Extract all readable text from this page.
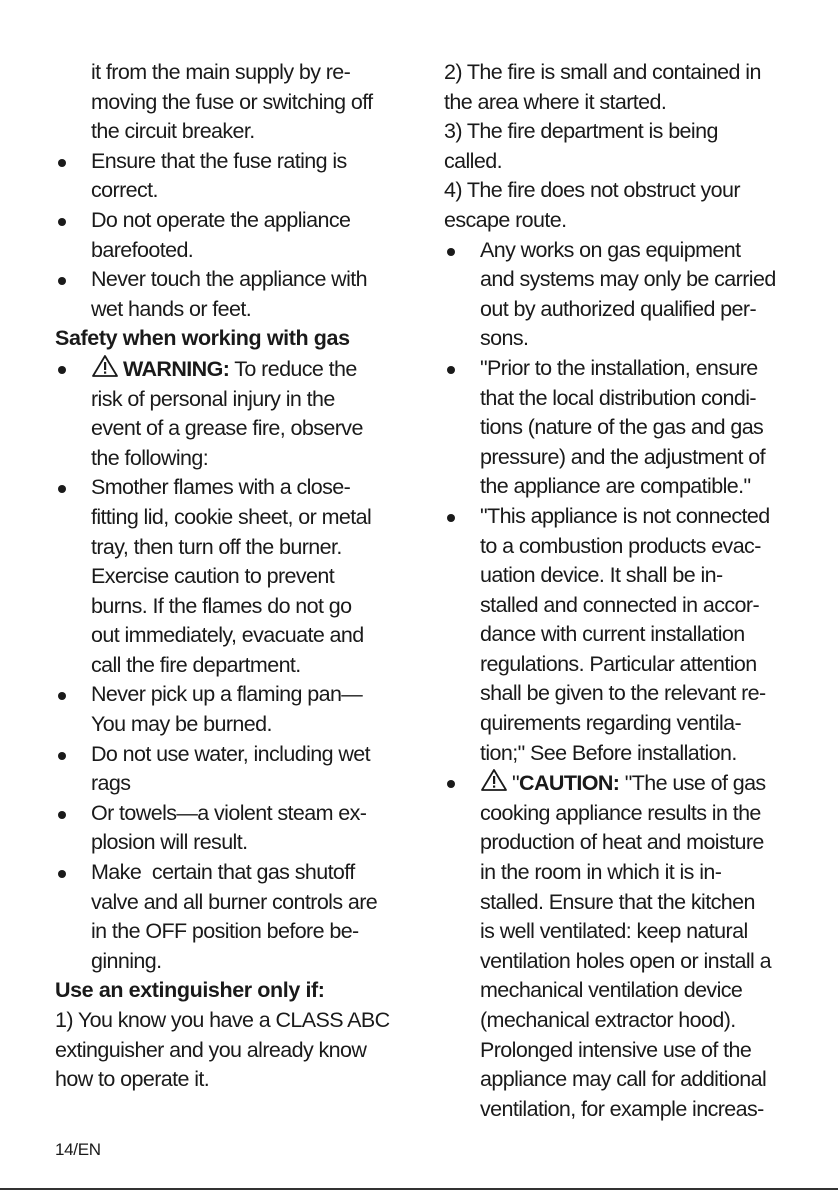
it from the main supply by re-
moving the fuse or switching off
the circuit breaker.
Ensure that the fuse rating is
correct.
Do not operate the appliance
barefooted.
Never touch the appliance with
wet hands or feet.
Safety when working with gas
WARNING: To reduce the
risk of personal injury in the
event of a grease fire, observe
the following:
Smother flames with a close-
fitting lid, cookie sheet, or metal
tray, then turn off the burner.
Exercise caution to prevent
burns. If the flames do not go
out immediately, evacuate and
call the fire department.
Never pick up a flaming pan—
You may be burned.
Do not use water, including wet
rags
Or towels—a violent steam ex-
plosion will result.
Make  certain that gas shutoff
valve and all burner controls are
in the OFF position before be-
ginning.
Use an extinguisher only if:
1) You know you have a CLASS ABC
extinguisher and you already know
how to operate it.
2) The fire is small and contained in
the area where it started.
3) The fire department is being
called.
4) The fire does not obstruct your
escape route.
Any works on gas equipment
and systems may only be carried
out by authorized qualified per-
sons.
"Prior to the installation, ensure
that the local distribution condi-
tions (nature of the gas and gas
pressure) and the adjustment of
the appliance are compatible."
"This appliance is not connected
to a combustion products evac-
uation device. It shall be in-
stalled and connected in accor-
dance with current installation
regulations. Particular attention
shall be given to the relevant re-
quirements regarding ventila-
tion;" See Before installation.
"CAUTION: "The use of gas
cooking appliance results in the
production of heat and moisture
in the room in which it is in-
stalled. Ensure that the kitchen
is well ventilated: keep natural
ventilation holes open or install a
mechanical ventilation device
(mechanical extractor hood).
Prolonged intensive use of the
appliance may call for additional
ventilation, for example increas-
14/EN
